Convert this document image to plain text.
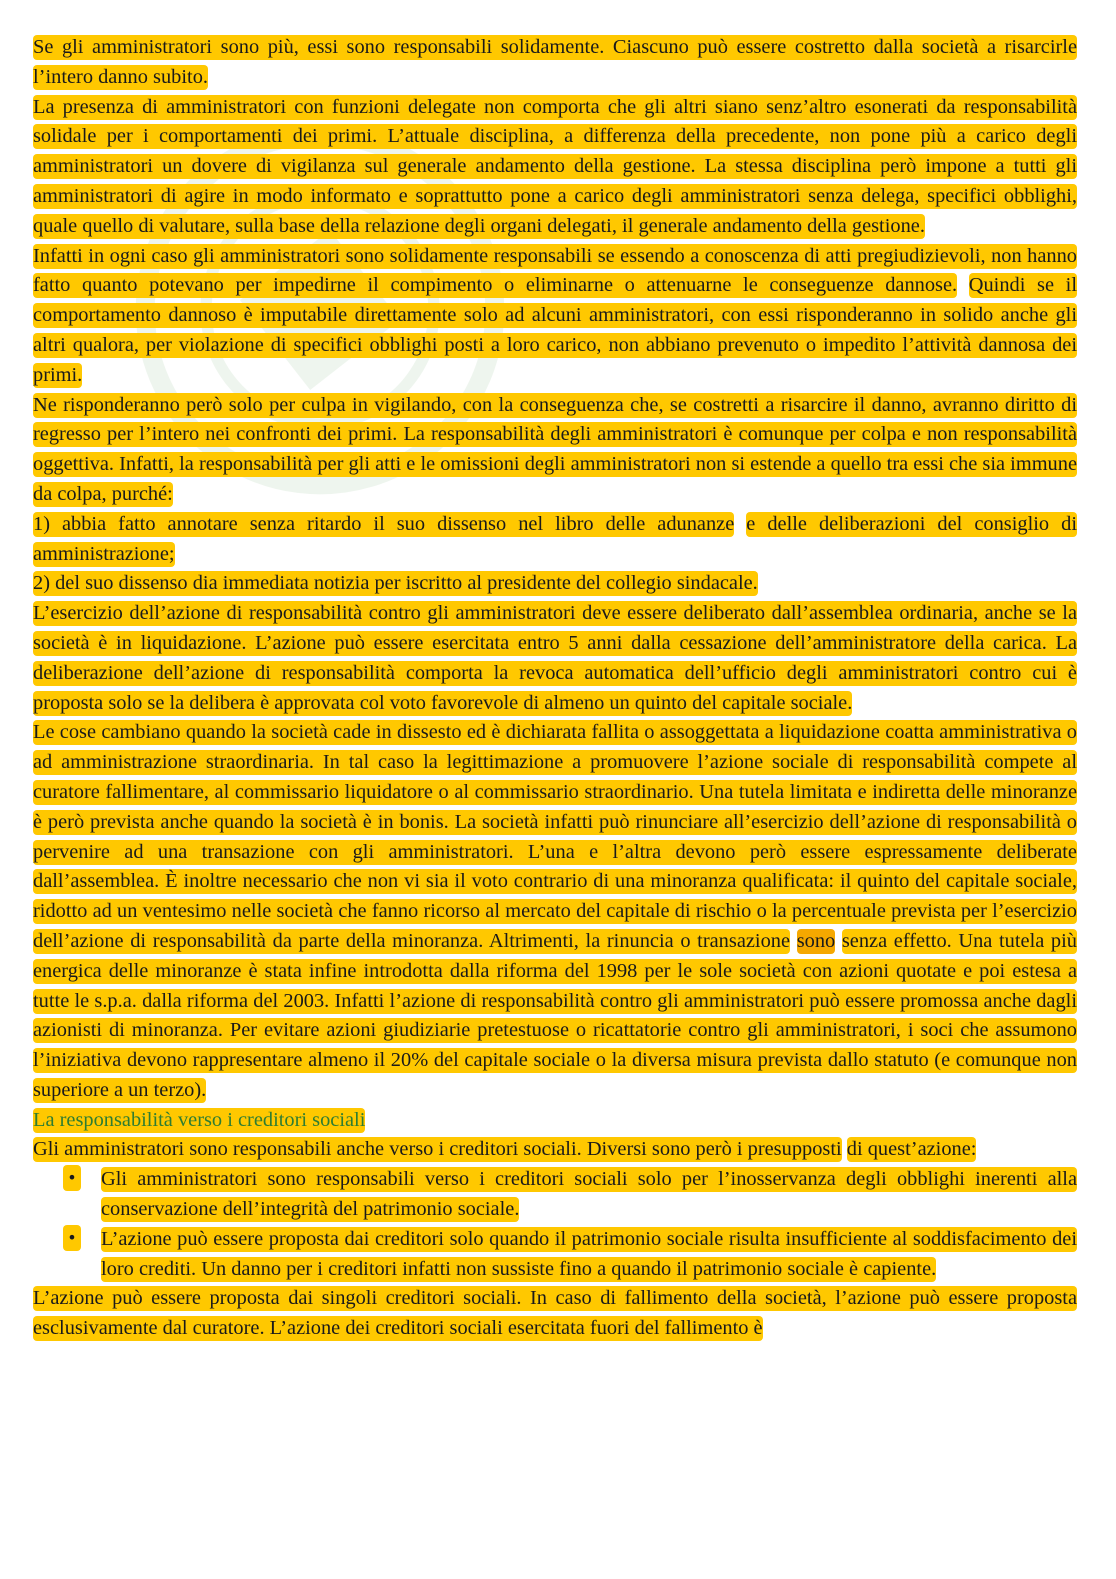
Se gli amministratori sono più, essi sono responsabili solidamente. Ciascuno può essere costretto dalla società a risarcirle l’intero danno subito.

La presenza di amministratori con funzioni delegate non comporta che gli altri siano senz’altro esonerati da responsabilità solidale per i comportamenti dei primi. L’attuale disciplina, a differenza della precedente, non pone più a carico degli amministratori un dovere di vigilanza sul generale andamento della gestione. La stessa disciplina però impone a tutti gli amministratori di agire in modo informato e soprattutto pone a carico degli amministratori senza delega, specifici obblighi, quale quello di valutare, sulla base della relazione degli organi delegati, il generale andamento della gestione.

Infatti in ogni caso gli amministratori sono solidamente responsabili se essendo a conoscenza di atti pregiudizievoli, non hanno fatto quanto potevano per impedirne il compimento o eliminarne o attenuarne le conseguenze dannose. Quindi se il comportamento dannoso è imputabile direttamente solo ad alcuni amministratori, con essi risponderanno in solido anche gli altri qualora, per violazione di specifici obblighi posti a loro carico, non abbiano prevenuto o impedito l’attività dannosa dei primi.

Ne risponderanno però solo per culpa in vigilando, con la conseguenza che, se costretti a risarcire il danno, avranno diritto di regresso per l’intero nei confronti dei primi. La responsabilità degli amministratori è comunque per colpa e non responsabilità oggettiva. Infatti, la responsabilità per gli atti e le omissioni degli amministratori non si estende a quello tra essi che sia immune da colpa, purché:

1) abbia fatto annotare senza ritardo il suo dissenso nel libro delle adunanze e delle deliberazioni del consiglio di amministrazione;

2) del suo dissenso dia immediata notizia per iscritto al presidente del collegio sindacale.

L’esercizio dell’azione di responsabilità contro gli amministratori deve essere deliberato dall’assemblea ordinaria, anche se la società è in liquidazione. L’azione può essere esercitata entro 5 anni dalla cessazione dell’amministratore della carica. La deliberazione dell’azione di responsabilità comporta la revoca automatica dell’ufficio degli amministratori contro cui è proposta solo se la delibera è approvata col voto favorevole di almeno un quinto del capitale sociale.

Le cose cambiano quando la società cade in dissesto ed è dichiarata fallita o assoggettata a liquidazione coatta amministrativa o ad amministrazione straordinaria. In tal caso la legittimazione a promuovere l’azione sociale di responsabilità compete al curatore fallimentare, al commissario liquidatore o al commissario straordinario. Una tutela limitata e indiretta delle minoranze è però prevista anche quando la società è in bonis. La società infatti può rinunciare all’esercizio dell’azione di responsabilità o pervenire ad una transazione con gli amministratori. L’una e l’altra devono però essere espressamente deliberate dall’assemblea. È inoltre necessario che non vi sia il voto contrario di una minoranza qualificata: il quinto del capitale sociale, ridotto ad un ventesimo nelle società che fanno ricorso al mercato del capitale di rischio o la percentuale prevista per l’esercizio dell’azione di responsabilità da parte della minoranza. Altrimenti, la rinuncia o transazione sono senza effetto. Una tutela più energica delle minoranze è stata infine introdotta dalla riforma del 1998 per le sole società con azioni quotate e poi estesa a tutte le s.p.a. dalla riforma del 2003. Infatti l’azione di responsabilità contro gli amministratori può essere promossa anche dagli azionisti di minoranza. Per evitare azioni giudiziarie pretestuose o ricattatorie contro gli amministratori, i soci che assumono l’iniziativa devono rappresentare almeno il 20% del capitale sociale o la diversa misura prevista dallo statuto (e comunque non superiore a un terzo).

La responsabilità verso i creditori sociali

Gli amministratori sono responsabili anche verso i creditori sociali. Diversi sono però i presupposti di quest’azione:

• Gli amministratori sono responsabili verso i creditori sociali solo per l’inosservanza degli obblighi inerenti alla conservazione dell’integrità del patrimonio sociale.
• L’azione può essere proposta dai creditori solo quando il patrimonio sociale risulta insufficiente al soddisfacimento dei loro crediti. Un danno per i creditori infatti non sussiste fino a quando il patrimonio sociale è capiente.

L’azione può essere proposta dai singoli creditori sociali. In caso di fallimento della società, l’azione può essere proposta esclusivamente dal curatore. L’azione dei creditori sociali esercitata fuori del fallimento è
